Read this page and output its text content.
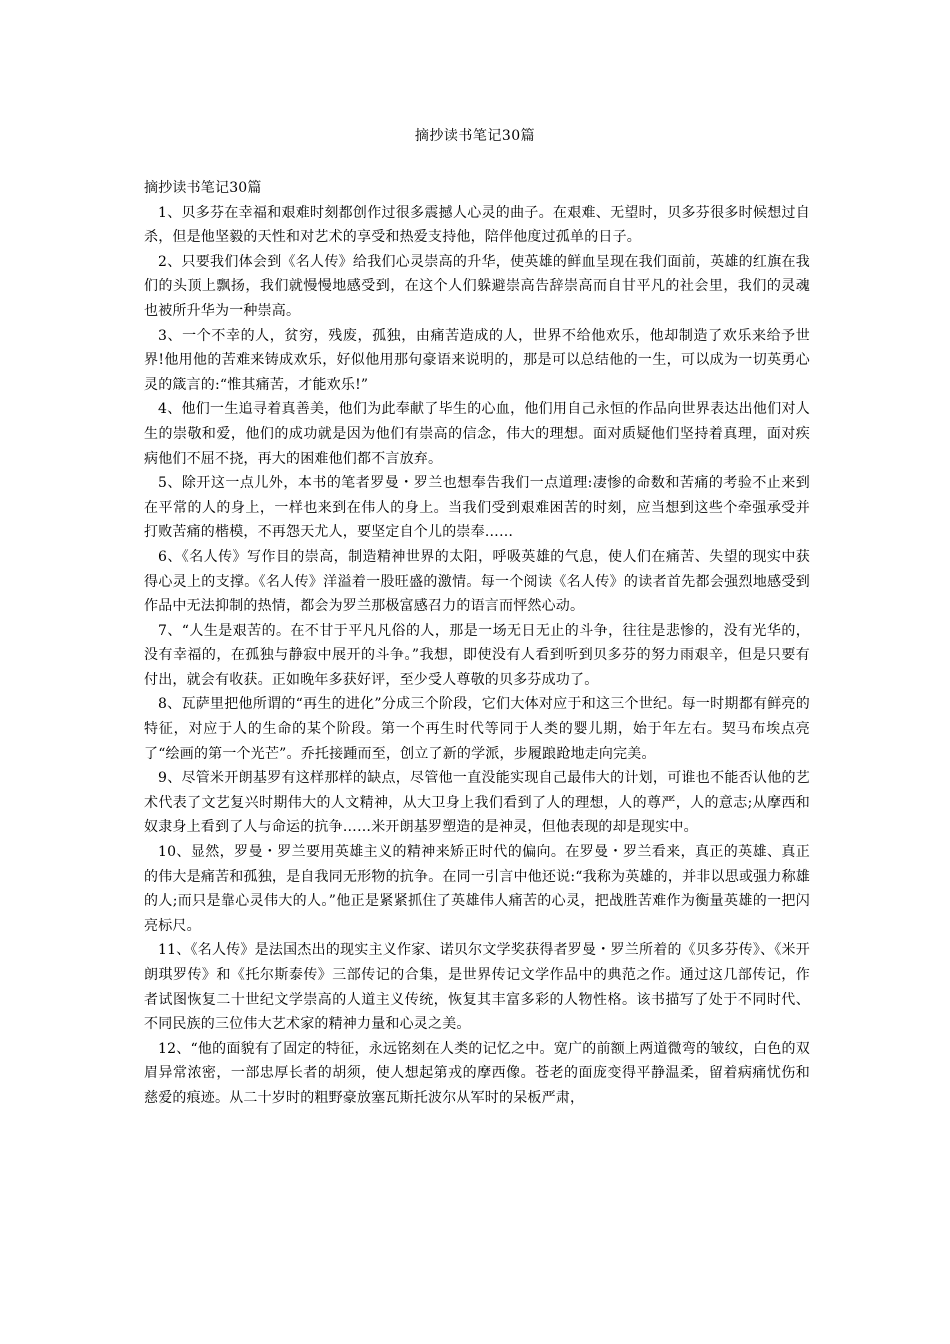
摘抄读书笔记30篇

摘抄读书笔记30篇

1、贝多芬在幸福和艰难时刻都创作过很多震撼人心灵的曲子。在艰难、无望时，贝多芬很多时候想过自杀，但是他坚毅的天性和对艺术的享受和热爱支持他，陪伴他度过孤单的日子。

2、只要我们体会到《名人传》给我们心灵崇高的升华，使英雄的鲜血呈现在我们面前，英雄的红旗在我们的头顶上飘扬，我们就慢慢地感受到，在这个人们躲避崇高告辞崇高而自甘平凡的社会里，我们的灵魂也被所升华为一种崇高。

3、一个不幸的人，贫穷，残废，孤独，由痛苦造成的人，世界不给他欢乐，他却制造了欢乐来给予世界!他用他的苦难来铸成欢乐，好似他用那句豪语来说明的，那是可以总结他的一生，可以成为一切英勇心灵的箴言的:“惟其痛苦，才能欢乐!”

4、他们一生追寻着真善美，他们为此奉献了毕生的心血，他们用自己永恒的作品向世界表达出他们对人生的崇敬和爱，他们的成功就是因为他们有崇高的信念，伟大的理想。面对质疑他们坚持着真理，面对疾病他们不屈不挠，再大的困难他们都不言放弃。

5、除开这一点儿外，本书的笔者罗曼・罗兰也想奉告我们一点道理:凄惨的命数和苦痛的考验不止来到在平常的人的身上，一样也来到在伟人的身上。当我们受到艰难困苦的时刻，应当想到这些个牵强承受并打败苦痛的楷模，不再怨天尤人，要坚定自个儿的崇奉……

6、《名人传》写作目的崇高，制造精神世界的太阳，呼吸英雄的气息，使人们在痛苦、失望的现实中获得心灵上的支撑。《名人传》洋溢着一股旺盛的激情。每一个阅读《名人传》的读者首先都会强烈地感受到作品中无法抑制的热情，都会为罗兰那极富感召力的语言而怦然心动。

7、“人生是艰苦的。在不甘于平凡凡俗的人，那是一场无日无止的斗争，往往是悲惨的，没有光华的，没有幸福的，在孤独与静寂中展开的斗争。”我想，即使没有人看到听到贝多芬的努力雨艰辛，但是只要有付出，就会有收获。正如晚年多获好评，至少受人尊敬的贝多芬成功了。

8、瓦萨里把他所谓的“再生的进化”分成三个阶段，它们大体对应于和这三个世纪。每一时期都有鲜亮的特征，对应于人的生命的某个阶段。第一个再生时代等同于人类的婴儿期，始于年左右。契马布埃点亮了“绘画的第一个光芒”。乔托接踵而至，创立了新的学派，步履踉跄地走向完美。

9、尽管米开朗基罗有这样那样的缺点，尽管他一直没能实现自己最伟大的计划，可谁也不能否认他的艺术代表了文艺复兴时期伟大的人文精神，从大卫身上我们看到了人的理想，人的尊严，人的意志;从摩西和奴隶身上看到了人与命运的抗争……米开朗基罗塑造的是神灵，但他表现的却是现实中。

10、显然，罗曼・罗兰要用英雄主义的精神来矫正时代的偏向。在罗曼・罗兰看来，真正的英雄、真正的伟大是痛苦和孤独，是自我同无形物的抗争。在同一引言中他还说:“我称为英雄的，并非以思或强力称雄的人;而只是靠心灵伟大的人。”他正是紧紧抓住了英雄伟人痛苦的心灵，把战胜苦难作为衡量英雄的一把闪亮标尺。

11、《名人传》是法国杰出的现实主义作家、诺贝尔文学奖获得者罗曼・罗兰所着的《贝多芬传》、《米开朗琪罗传》和《托尔斯泰传》三部传记的合集，是世界传记文学作品中的典范之作。通过这几部传记，作者试图恢复二十世纪文学崇高的人道主义传统，恢复其丰富多彩的人物性格。该书描写了处于不同时代、不同民族的三位伟大艺术家的精神力量和心灵之美。

12、“他的面貌有了固定的特征，永远铭刻在人类的记忆之中。宽广的前额上两道微弯的皱纹，白色的双眉异常浓密，一部忠厚长者的胡须，使人想起第戎的摩西像。苍老的面庞变得平静温柔，留着病痛忧伤和慈爱的痕迹。从二十岁时的粗野豪放塞瓦斯托波尔从军时的呆板严肃，
